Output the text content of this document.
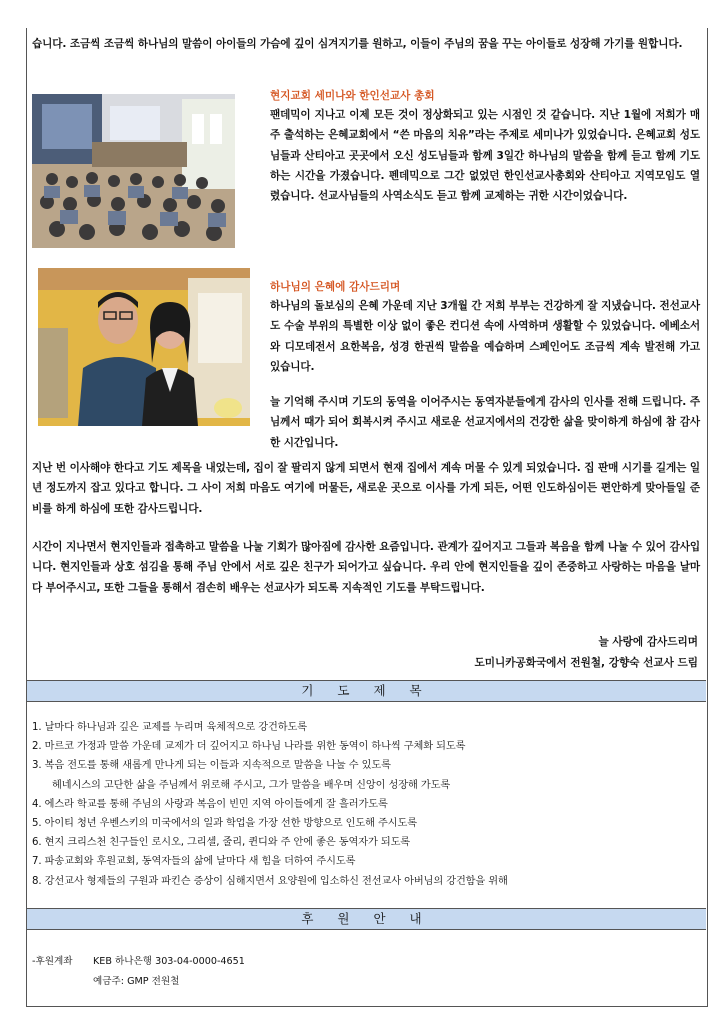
습니다. 조금씩 조금씩 하나님의 말씀이 아이들의 가슴에 깊이 심겨지기를 원하고, 이들이 주님의 꿈을 꾸는 아이들로 성장해 가기를 원합니다.

현지교회 세미나와 한인선교사 총회

팬데믹이 지나고 이제 모든 것이 정상화되고 있는 시점인 것 같습니다. 지난 1월에 저희가 매주 출석하는 은혜교회에서 “쓴 마음의 치유”라는 주제로 세미나가 있었습니다. 은혜교회 성도님들과 산티아고 곳곳에서 오신 성도님들과 함께 3일간 하나님의 말씀을 함께 듣고 함께 기도하는 시간을 가졌습니다. 펜데믹으로 그간 없었던 한인선교사총회와 산티아고 지역모임도 열렸습니다. 선교사님들의 사역소식도 듣고 함께 교제하는 귀한 시간이었습니다.

하나님의 은혜에 감사드리며

하나님의 돌보심의 은혜 가운데 지난 3개월 간 저희 부부는 건강하게 잘 지냈습니다. 전선교사도 수술 부위의 특별한 이상 없이 좋은 컨디션 속에 사역하며 생활할 수 있었습니다. 에베소서와 디모데전서 요한복음, 성경 한권씩 말씀을 예습하며 스페인어도 조금씩 계속 발전해 가고 있습니다.

늘 기억해 주시며 기도의 동역을 이어주시는 동역자분들에게 감사의 인사를 전해 드립니다. 주님께서 때가 되어 회복시켜 주시고 새로운 선교지에서의 건강한 삶을 맞이하게 하심에 참 감사한 시간입니다.

지난 번 이사해야 한다고 기도 제목을 내었는데, 집이 잘 팔리지 않게 되면서 현재 집에서 계속 머물 수 있게 되었습니다. 집 판매 시기를 길게는 일년 정도까지 잡고 있다고 합니다. 그 사이 저희 마음도 여기에 머물든, 새로운 곳으로 이사를 가게 되든, 어떤 인도하심이든 편안하게 맞아들일 준비를 하게 하심에 또한 감사드립니다.

시간이 지나면서 현지인들과 접촉하고 말씀을 나눌 기회가 많아짐에 감사한 요즘입니다. 관계가 깊어지고 그들과 복음을 함께 나눌 수 있어 감사입니다. 현지인들과 상호 섬김을 통해 주님 안에서 서로 깊은 친구가 되어가고 싶습니다. 우리 안에 현지인들을 깊이 존중하고 사랑하는 마음을 날마다 부어주시고, 또한 그들을 통해서 겸손히 배우는 선교사가 되도록 지속적인 기도를 부탁드립니다.

늘 사랑에 감사드리며
도미니카공화국에서 전원철, 강향숙 선교사 드림
기 도 제 목
1. 날마다 하나님과 깊은 교제를 누리며 육체적으로 강건하도록
2. 마르코 가정과 말씀 가운데 교제가 더 깊어지고 하나님 나라를 위한 동역이 하나씩 구체화 되도록
3. 복음 전도를 통해 새롭게 만나게 되는 이들과 지속적으로 말씀을 나눌 수 있도록
헤네시스의 고단한 삶을 주님께서 위로해 주시고, 그가 말씀을 배우며 신앙이 성장해 가도록
4. 에스라 학교를 통해 주님의 사랑과 복음이 빈민 지역 아이들에게 잘 흘러가도록
5. 아이티 청년 우벤스키의 미국에서의 일과 학업을 가장 선한 방향으로 인도해 주시도록
6. 현지 크리스천 친구들인 로시오, 그리셀, 줄리, 퀸디와 주 안에 좋은 동역자가 되도록
7. 파송교회와 후원교회, 동역자들의 삶에 날마다 새 힘을 더하여 주시도록
8. 강선교사 형제들의 구원과 파킨슨 증상이 심해지면서 요양원에 입소하신 전선교사 아버님의 강건함을 위해
후 원 안 내
-후원계좌 KEB 하나은행 303-04-0000-4651
예금주: GMP 전원철
